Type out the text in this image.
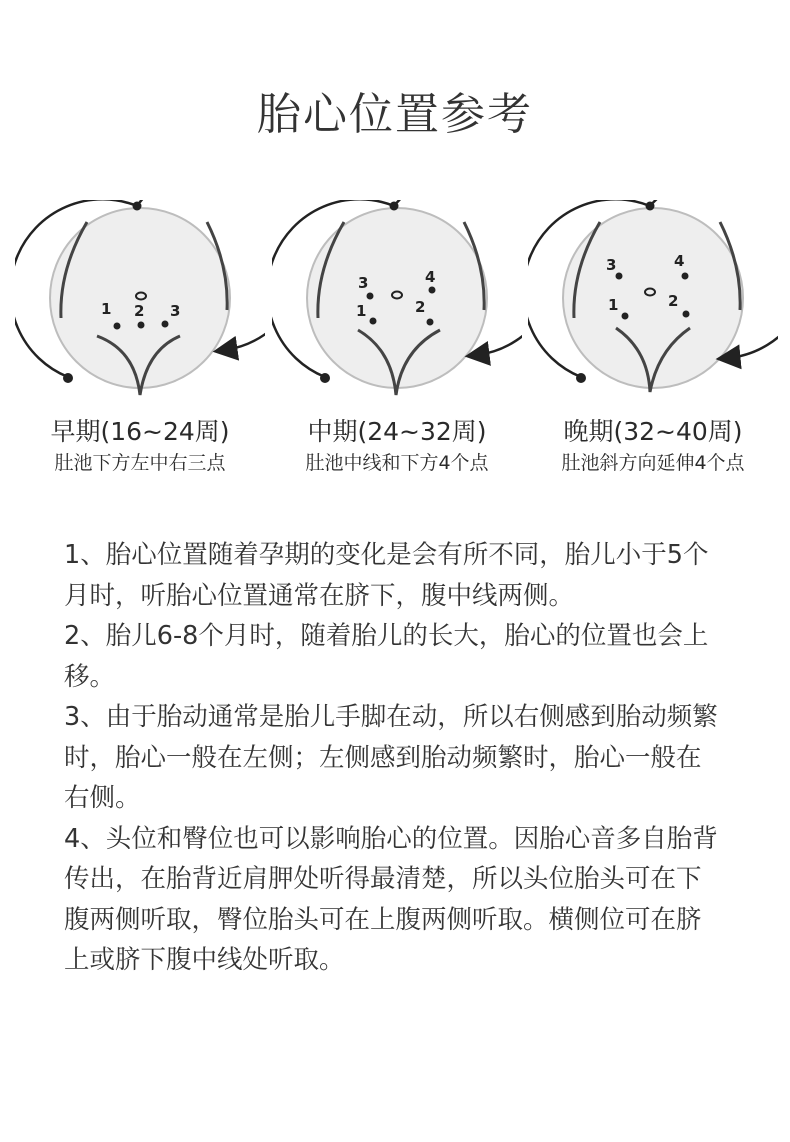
胎心位置参考
1 2 3
早期(16~24周)
肚池下方左中右三点
3	4
1	2
中期(24~32周)
肚池中线和下方4个点
3	4
1	2
晚期(32~40周)
肚池斜方向延伸4个点

1、胎心位置随着孕期的变化是会有所不同，胎儿小于5个月时，听胎心位置通常在脐下，腹中线两侧。

2、胎儿6-8个月时，随着胎儿的长大，胎心的位置也会上移。

3、由于胎动通常是胎儿手脚在动，所以右侧感到胎动频繁时，胎心一般在左侧；左侧感到胎动频繁时，胎心一般在右侧。

4、头位和臀位也可以影响胎心的位置。因胎心音多自胎背传出，在胎背近肩胛处听得最清楚，所以头位胎头可在下腹两侧听取，臀位胎头可在上腹两侧听取。横侧位可在脐上或脐下腹中线处听取。
